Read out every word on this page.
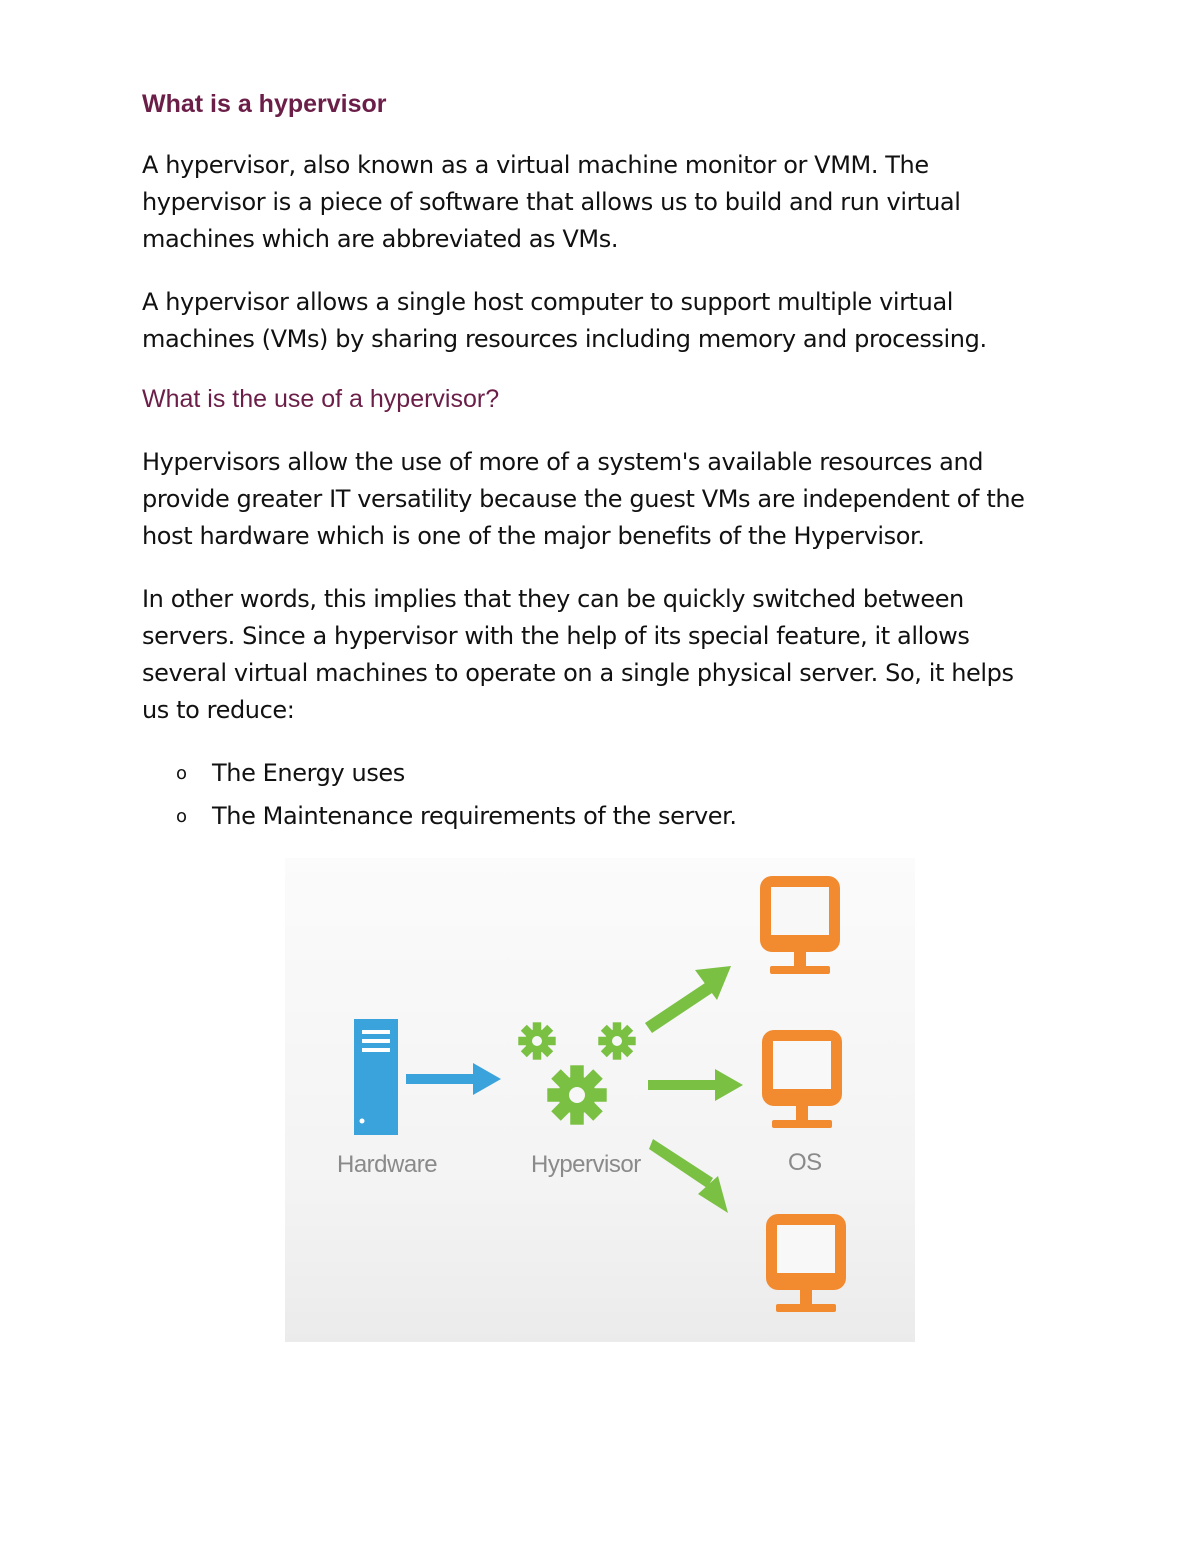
What is a hypervisor

A hypervisor, also known as a virtual machine monitor or VMM. The
hypervisor is a piece of software that allows us to build and run virtual
machines which are abbreviated as VMs.

A hypervisor allows a single host computer to support multiple virtual
machines (VMs) by sharing resources including memory and processing.

What is the use of a hypervisor?

Hypervisors allow the use of more of a system's available resources and
provide greater IT versatility because the guest VMs are independent of the
host hardware which is one of the major benefits of the Hypervisor.

In other words, this implies that they can be quickly switched between
servers. Since a hypervisor with the help of its special feature, it allows
several virtual machines to operate on a single physical server. So, it helps
us to reduce:

o The Energy uses
o The Maintenance requirements of the server.
Hardware	Hypervisor	OS
